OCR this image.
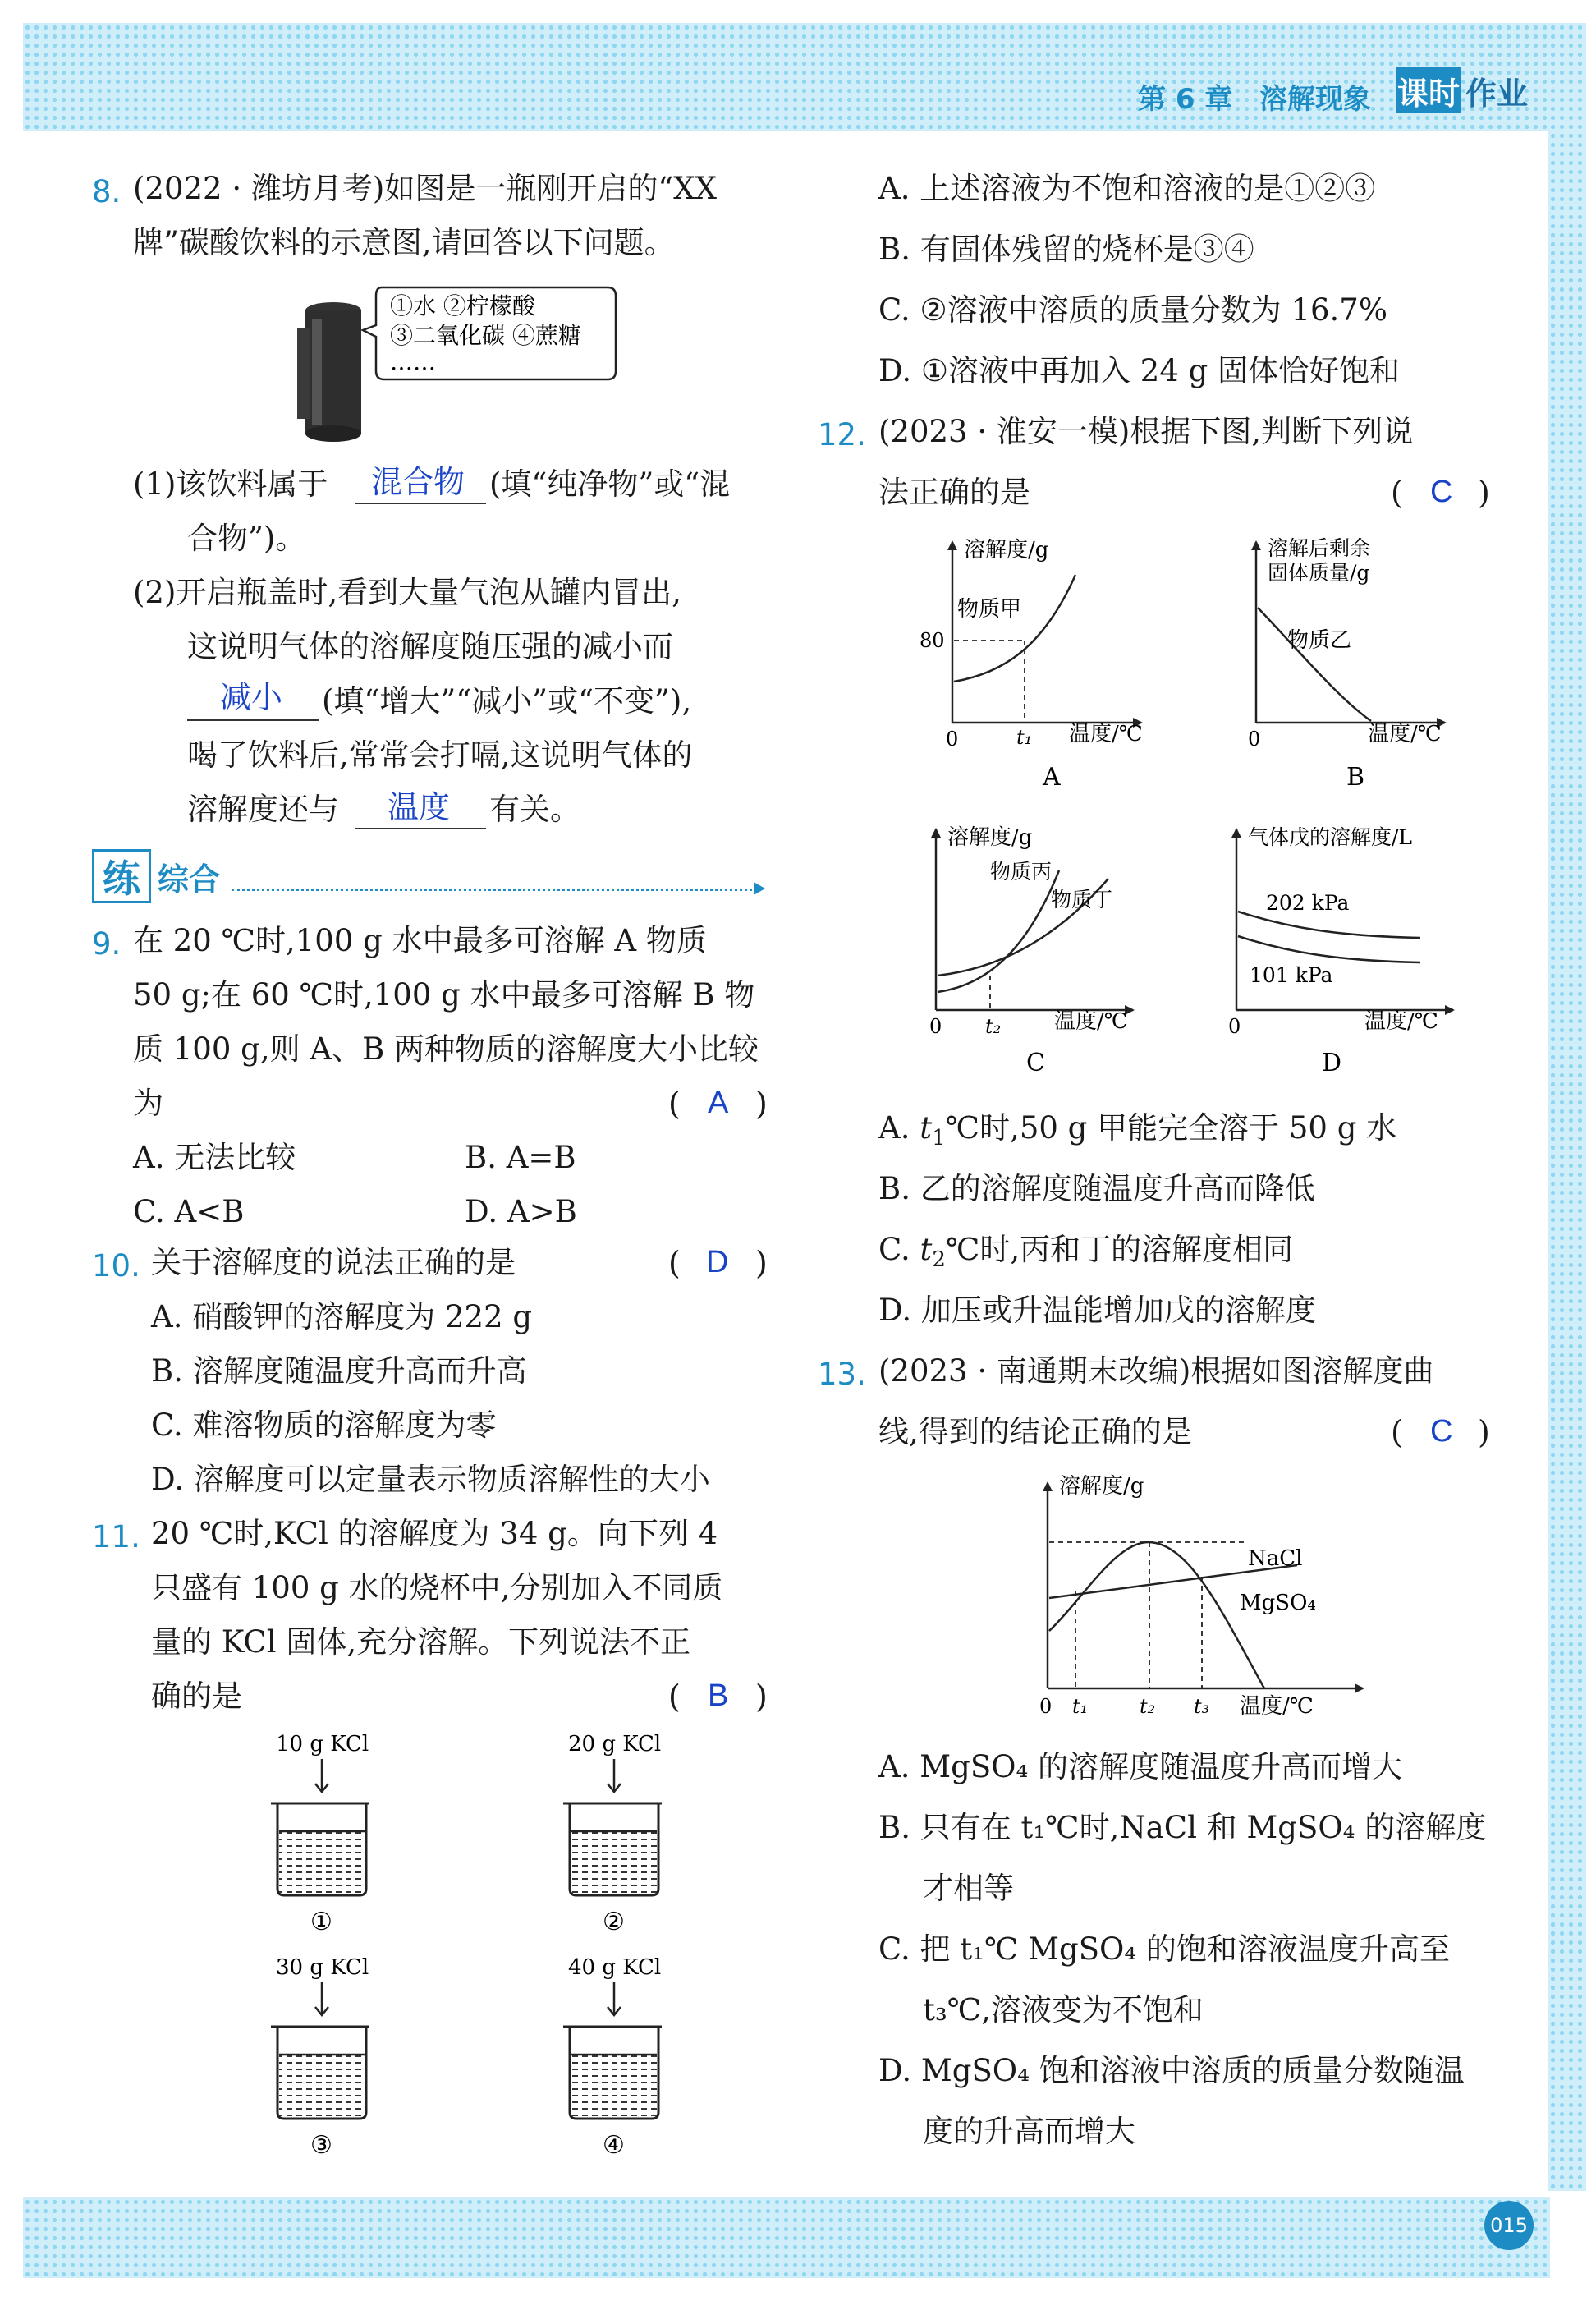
第 6 章 溶解现象 课时 作业
8. (2022 · 潍坊月考)如图是一瓶刚开启的“XX
牌”碳酸饮料的示意图,请回答以下问题。
①水 ②柠檬酸
③二氧化碳 ④蔗糖
……
(1)该饮料属于 混合物 (填“纯净物”或“混
合物”)。
(2)开启瓶盖时,看到大量气泡从罐内冒出,
这说明气体的溶解度随压强的减小而
减小 (填“增大”“减小”或“不变”),
喝了饮料后,常常会打嗝,这说明气体的
溶解度还与 温度 有关。
练 综合
9. 在 20 ℃时,100 g 水中最多可溶解 A 物质
50 g;在 60 ℃时,100 g 水中最多可溶解 B 物
质 100 g,则 A、B 两种物质的溶解度大小比较
为	( A )
A. 无法比较	B. A=B
C. A<B	D. A>B
10. 关于溶解度的说法正确的是	( D )
A. 硝酸钾的溶解度为 222 g
B. 溶解度随温度升高而升高
C. 难溶物质的溶解度为零
D. 溶解度可以定量表示物质溶解性的大小
11. 20 ℃时,KCl 的溶解度为 34 g。向下列 4
只盛有 100 g 水的烧杯中,分别加入不同质
量的 KCl 固体,充分溶解。下列说法不正
确的是	( B )
10 g KCl
①
20 g KCl
②
30 g KCl
③
40 g KCl
④
A. 上述溶液为不饱和溶液的是①②③
B. 有固体残留的烧杯是③④
C. ②溶液中溶质的质量分数为 16.7%
D. ①溶液中再加入 24 g 固体恰好饱和
12. (2023 · 淮安一模)根据下图,判断下列说
法正确的是	( C )
溶解度/g
温度/℃
0
80
t₁
物质甲
A
溶解后剩余
固体质量/g
温度/℃
0
物质乙
B
溶解度/g
温度/℃
0 t₂
物质丙
物质丁
C
气体戊的溶解度/L
温度/℃
0
202 kPa
101 kPa
D
A. $t_1℃$时,50 g 甲能完全溶于 50 g 水
B. 乙的溶解度随温度升高而降低
C. $t_2℃$时,丙和丁的溶解度相同
D. 加压或升温能增加戊的溶解度
13. (2023 · 南通期末改编)根据如图溶解度曲
线,得到的结论正确的是	( C )
溶解度/g
温度/℃
0 t₁	t₂ t₃
NaCl
MgSO₄
A. MgSO₄ 的溶解度随温度升高而增大
B. 只有在 t₁℃时,NaCl 和 MgSO₄ 的溶解度
才相等
C. 把 t₁℃ MgSO₄ 的饱和溶液温度升高至
t₃℃,溶液变为不饱和
D. MgSO₄ 饱和溶液中溶质的质量分数随温
度的升高而增大
015
